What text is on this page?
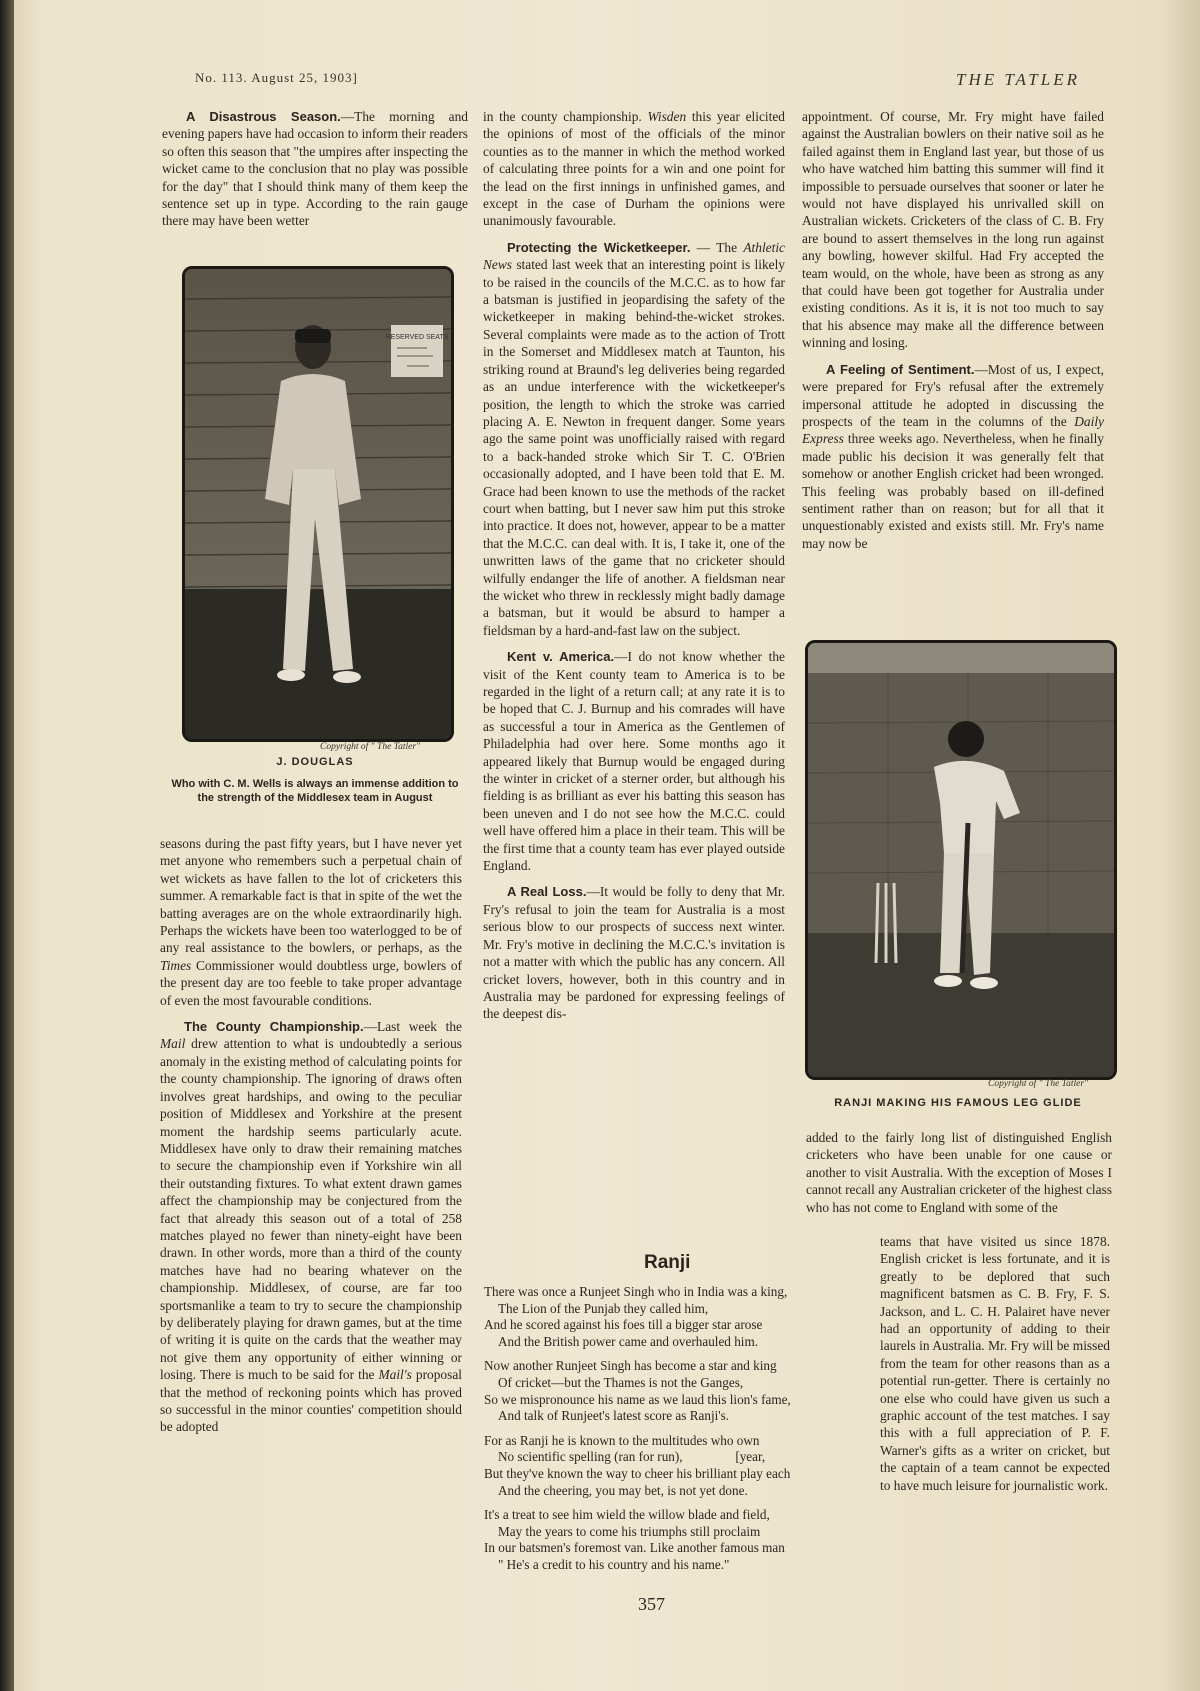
No. 113. August 25, 1903]	THE TATLER

A Disastrous Season.—The morning and evening papers have had occasion to inform their readers so often this season that "the umpires after inspecting the wicket came to the conclusion that no play was possible for the day" that I should think many of them keep the sentence set up in type. According to the rain gauge there may have been wetter

RESERVED SEATS
Copyright of " The Tatler"
J. DOUGLAS
Who with C. M. Wells is always an immense addition to the strength of the Middlesex team in August

seasons during the past fifty years, but I have never yet met anyone who remembers such a perpetual chain of wet wickets as have fallen to the lot of cricketers this summer. A remarkable fact is that in spite of the wet the batting averages are on the whole extraordinarily high. Perhaps the wickets have been too waterlogged to be of any real assistance to the bowlers, or perhaps, as the Times Commissioner would doubtless urge, bowlers of the present day are too feeble to take proper advantage of even the most favourable conditions.

The County Championship.—Last week the Mail drew attention to what is undoubtedly a serious anomaly in the existing method of calculating points for the county championship. The ignoring of draws often involves great hardships, and owing to the peculiar position of Middlesex and Yorkshire at the present moment the hardship seems particularly acute. Middlesex have only to draw their remaining matches to secure the championship even if Yorkshire win all their outstanding fixtures. To what extent drawn games affect the championship may be conjectured from the fact that already this season out of a total of 258 matches played no fewer than ninety-eight have been drawn. In other words, more than a third of the county matches have had no bearing whatever on the championship. Middlesex, of course, are far too sportsmanlike a team to try to secure the championship by deliberately playing for drawn games, but at the time of writing it is quite on the cards that the weather may not give them any opportunity of either winning or losing. There is much to be said for the Mail's proposal that the method of reckoning points which has proved so successful in the minor counties' competition should be adopted

in the county championship. Wisden this year elicited the opinions of most of the officials of the minor counties as to the manner in which the method worked of calculating three points for a win and one point for the lead on the first innings in unfinished games, and except in the case of Durham the opinions were unanimously favourable.

Protecting the Wicketkeeper. — The Athletic News stated last week that an interesting point is likely to be raised in the councils of the M.C.C. as to how far a batsman is justified in jeopardising the safety of the wicketkeeper in making behind-the-wicket strokes. Several complaints were made as to the action of Trott in the Somerset and Middlesex match at Taunton, his striking round at Braund's leg deliveries being regarded as an undue interference with the wicketkeeper's position, the length to which the stroke was carried placing A. E. Newton in frequent danger. Some years ago the same point was unofficially raised with regard to a back-handed stroke which Sir T. C. O'Brien occasionally adopted, and I have been told that E. M. Grace had been known to use the methods of the racket court when batting, but I never saw him put this stroke into practice. It does not, however, appear to be a matter that the M.C.C. can deal with. It is, I take it, one of the unwritten laws of the game that no cricketer should wilfully endanger the life of another. A fieldsman near the wicket who threw in recklessly might badly damage a batsman, but it would be absurd to hamper a fieldsman by a hard-and-fast law on the subject.

Kent v. America.—I do not know whether the visit of the Kent county team to America is to be regarded in the light of a return call; at any rate it is to be hoped that C. J. Burnup and his comrades will have as successful a tour in America as the Gentlemen of Philadelphia had over here. Some months ago it appeared likely that Burnup would be engaged during the winter in cricket of a sterner order, but although his fielding is as brilliant as ever his batting this season has been uneven and I do not see how the M.C.C. could well have offered him a place in their team. This will be the first time that a county team has ever played outside England.

A Real Loss.—It would be folly to deny that Mr. Fry's refusal to join the team for Australia is a most serious blow to our prospects of success next winter. Mr. Fry's motive in declining the M.C.C.'s invitation is not a matter with which the public has any concern. All cricket lovers, however, both in this country and in Australia may be pardoned for expressing feelings of the deepest dis-

appointment. Of course, Mr. Fry might have failed against the Australian bowlers on their native soil as he failed against them in England last year, but those of us who have watched him batting this summer will find it impossible to persuade ourselves that sooner or later he would not have displayed his unrivalled skill on Australian wickets. Cricketers of the class of C. B. Fry are bound to assert themselves in the long run against any bowling, however skilful. Had Fry accepted the team would, on the whole, have been as strong as any that could have been got together for Australia under existing conditions. As it is, it is not too much to say that his absence may make all the difference between winning and losing.

A Feeling of Sentiment.—Most of us, I expect, were prepared for Fry's refusal after the extremely impersonal attitude he adopted in discussing the prospects of the team in the columns of the Daily Express three weeks ago. Nevertheless, when he finally made public his decision it was generally felt that somehow or another English cricket had been wronged. This feeling was probably based on ill-defined sentiment rather than on reason; but for all that it unquestionably existed and exists still. Mr. Fry's name may now be

Copyright of " The Tatler"
RANJI MAKING HIS FAMOUS LEG GLIDE

added to the fairly long list of distinguished English cricketers who have been unable for one cause or another to visit Australia. With the exception of Moses I cannot recall any Australian cricketer of the highest class who has not come to England with some of the

teams that have visited us since 1878. English cricket is less fortunate, and it is greatly to be deplored that such magnificent batsmen as C. B. Fry, F. S. Jackson, and L. C. H. Palairet have never had an opportunity of adding to their laurels in Australia. Mr. Fry will be missed from the team for other reasons than as a potential run-getter. There is certainly no one else who could have given us such a graphic account of the test matches. I say this with a full appreciation of P. F. Warner's gifts as a writer on cricket, but the captain of a team cannot be expected to have much leisure for journalistic work.

Ranji
There was once a Runjeet Singh who in India was a king,
The Lion of the Punjab they called him,
And he scored against his foes till a bigger star arose
And the British power came and overhauled him.
Now another Runjeet Singh has become a star and king
Of cricket—but the Thames is not the Ganges,
So we mispronounce his name as we laud this lion's fame,
And talk of Runjeet's latest score as Ranji's.
For as Ranji he is known to the multitudes who own
No scientific spelling (ran for run),                [year,
But they've known the way to cheer his brilliant play each
And the cheering, you may bet, is not yet done.
It's a treat to see him wield the willow blade and field,
May the years to come his triumphs still proclaim
In our batsmen's foremost van. Like another famous man
" He's a credit to his country and his name."
357
